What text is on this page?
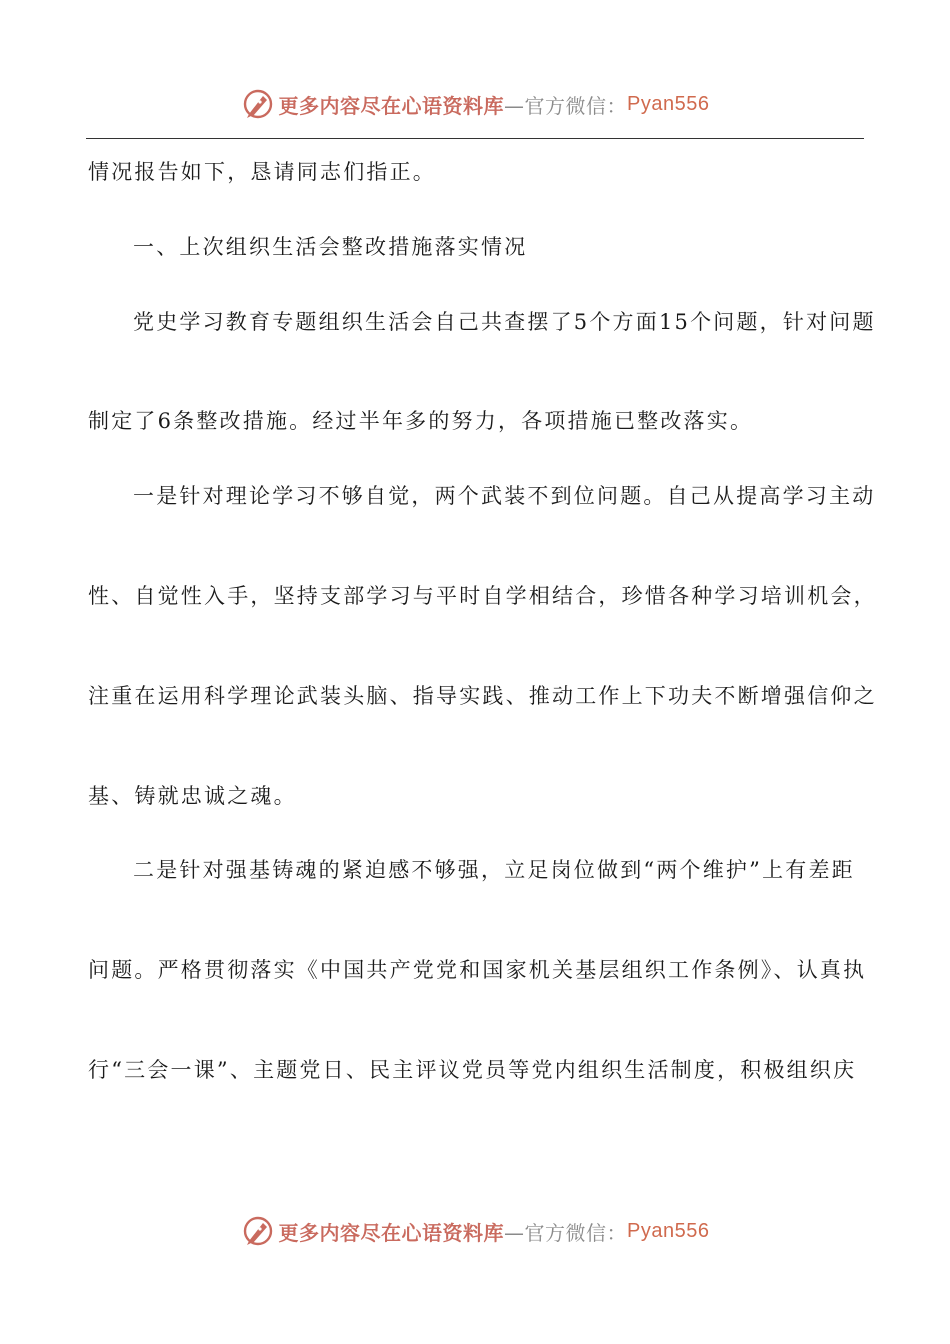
更多内容尽在心语资料库 —官方微信： Pyan556
情况报告如下，恳请同志们指正。
一、上次组织生活会整改措施落实情况
党史学习教育专题组织生活会自己共查摆了5个方面15个问题，针对问题
制定了6条整改措施。经过半年多的努力，各项措施已整改落实。
一是针对理论学习不够自觉，两个武装不到位问题。自己从提高学习主动
性、自觉性入手，坚持支部学习与平时自学相结合，珍惜各种学习培训机会，
注重在运用科学理论武装头脑、指导实践、推动工作上下功夫不断增强信仰之
基、铸就忠诚之魂。
二是针对强基铸魂的紧迫感不够强，立足岗位做到“两个维护”上有差距
问题。严格贯彻落实《中国共产党党和国家机关基层组织工作条例》、认真执
行“三会一课”、主题党日、民主评议党员等党内组织生活制度，积极组织庆
更多内容尽在心语资料库 —官方微信： Pyan556
